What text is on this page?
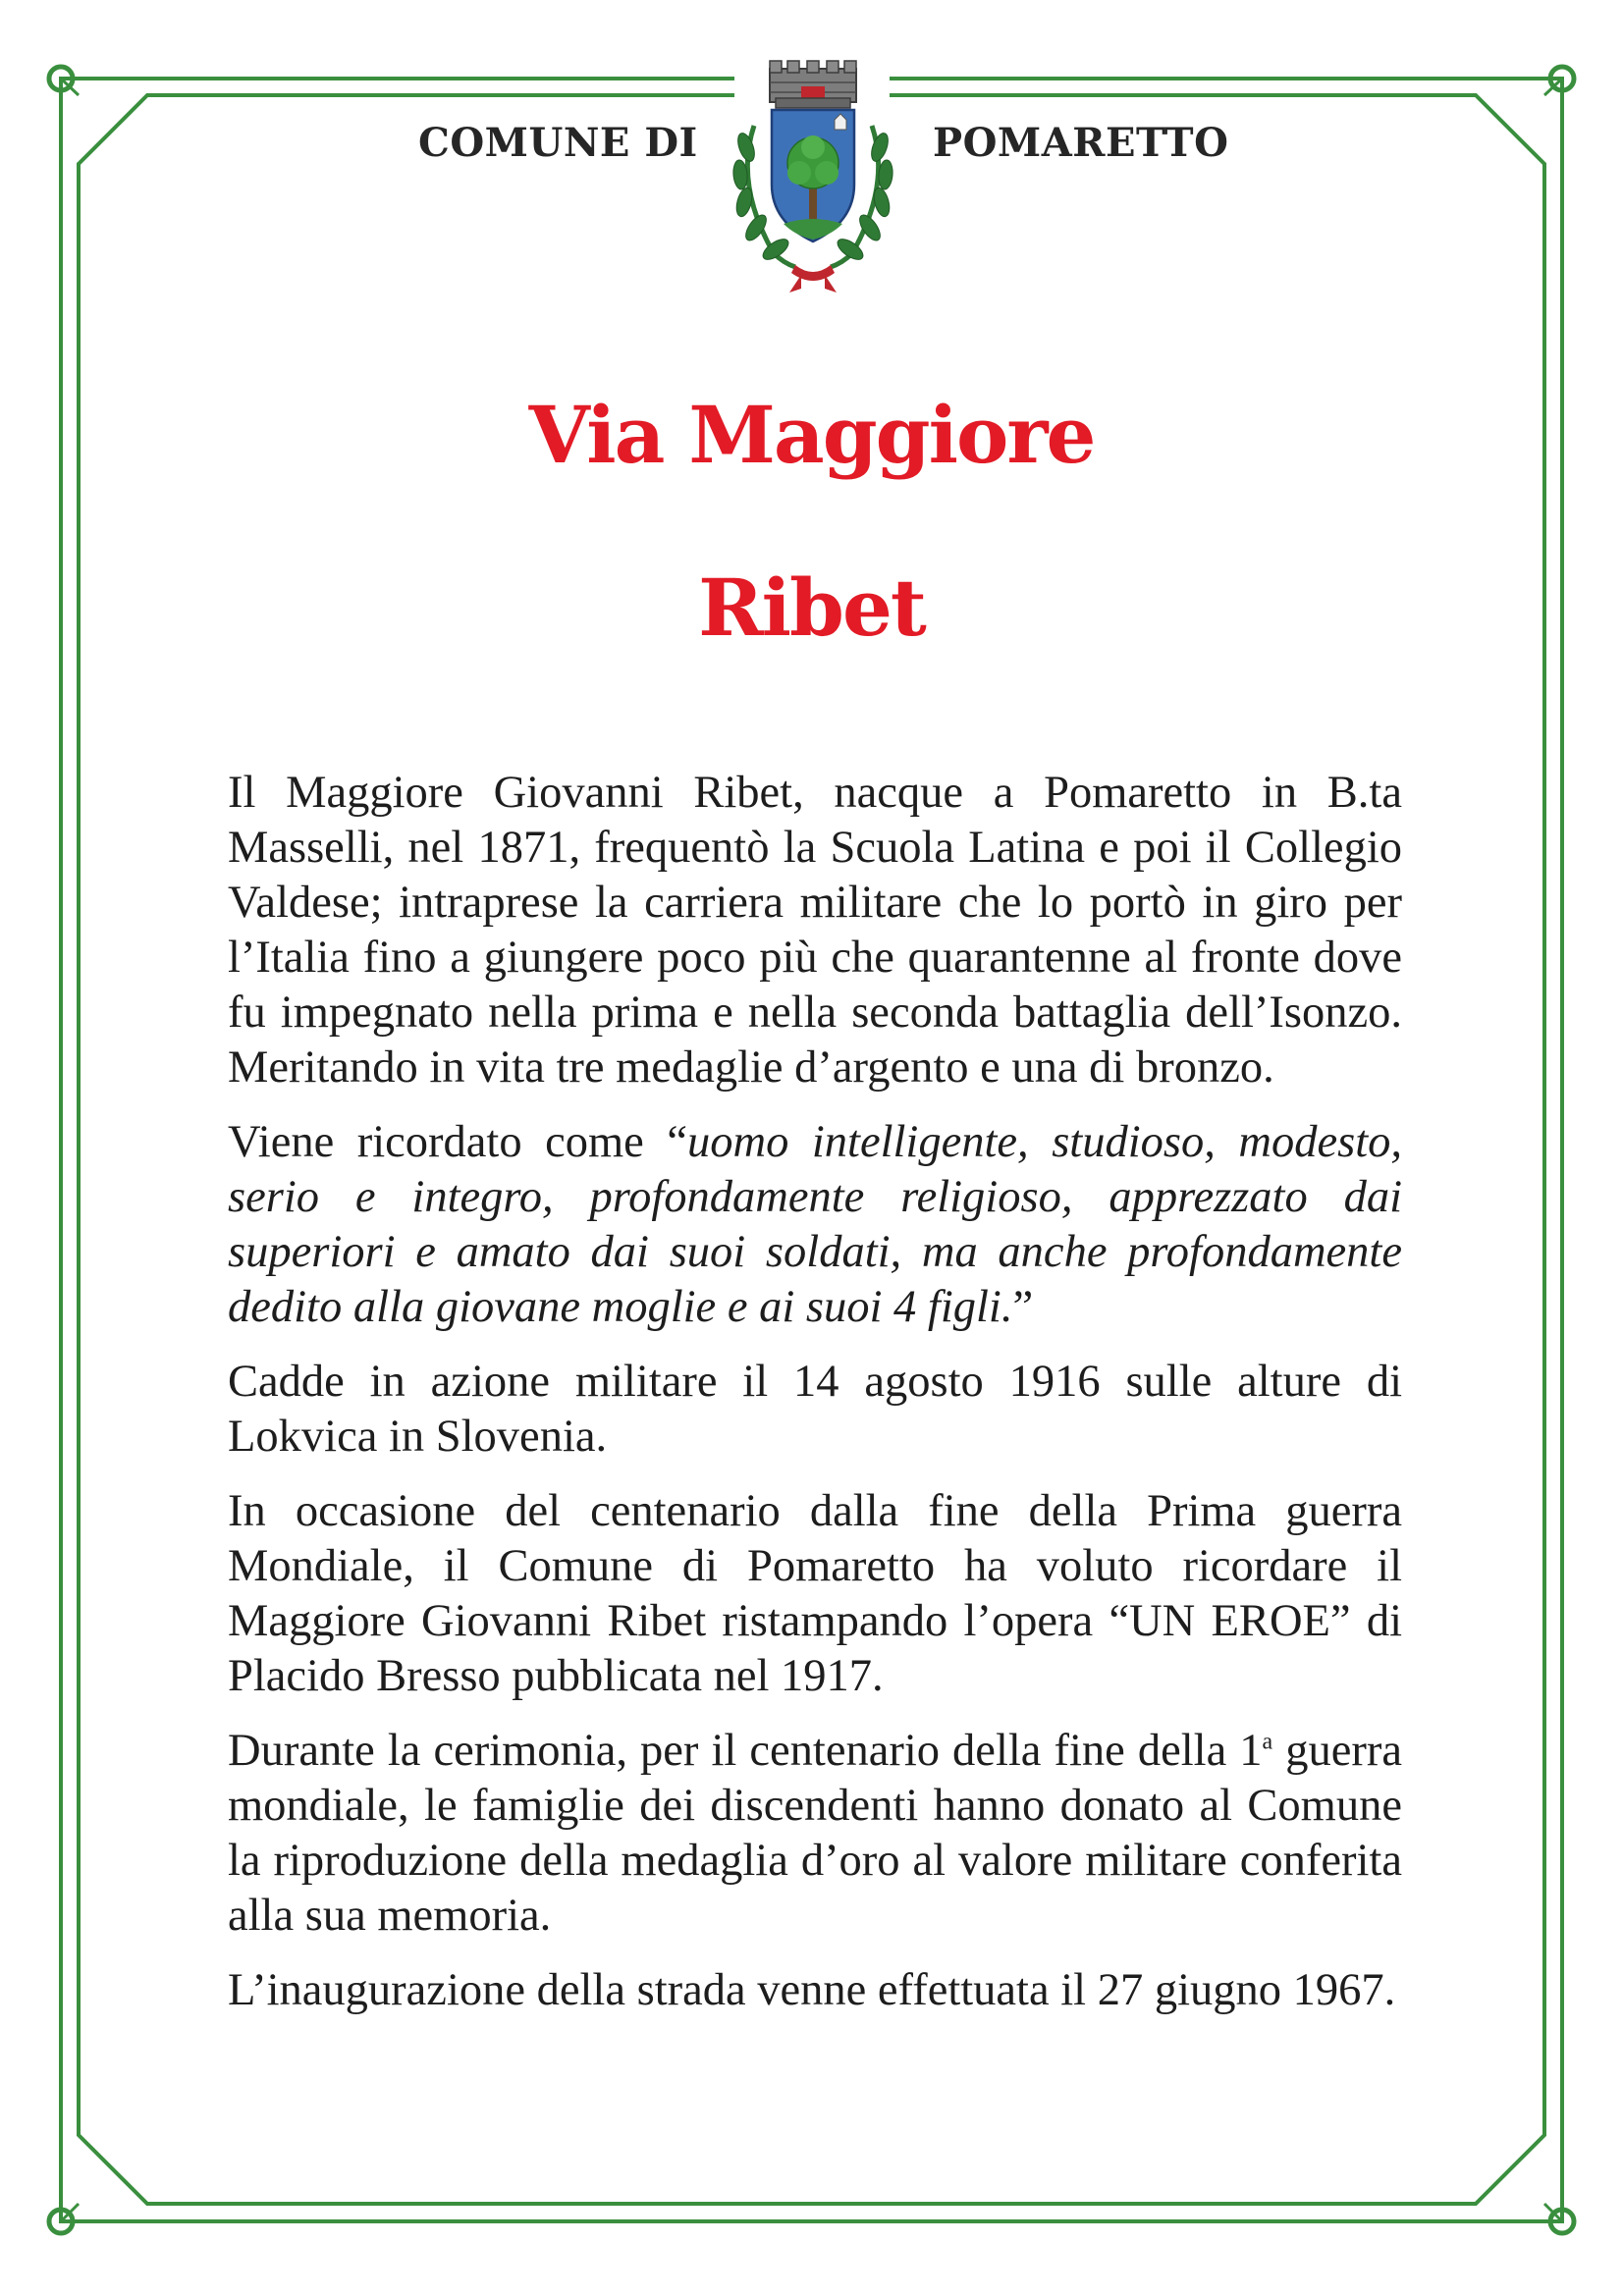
COMUNE DI	POMARETTO
Via Maggiore
Ribet

Il Maggiore Giovanni Ribet, nacque a Pomaretto in B.ta Masselli, nel 1871, frequentò la Scuola Latina e poi il Collegio Valdese; intraprese la carriera militare che lo portò in giro per l’Italia fino a giungere poco più che quarantenne al fronte dove fu impegnato nella prima e nella seconda battaglia dell’Isonzo. Meritando in vita tre medaglie d’argento e una di bronzo.

Viene ricordato come “uomo intelligente, studioso, modesto, serio e integro, profondamente religioso, apprezzato dai superiori e amato dai suoi soldati, ma anche profondamente dedito alla giovane moglie e ai suoi 4 figli.”

Cadde in azione militare il 14 agosto 1916 sulle alture di Lokvica in Slovenia.

In occasione del centenario dalla fine della Prima guerra Mondiale, il Comune di Pomaretto ha voluto ricordare il Maggiore Giovanni Ribet ristampando l’opera “UN EROE” di Placido Bresso pubblicata nel 1917.

Durante la cerimonia, per il centenario della fine della 1$^a$ guerra mondiale, le famiglie dei discendenti hanno donato al Comune la riproduzione della medaglia d’oro al valore militare conferita alla sua memoria.

L’inaugurazione della strada venne effettuata il 27 giugno 1967.
